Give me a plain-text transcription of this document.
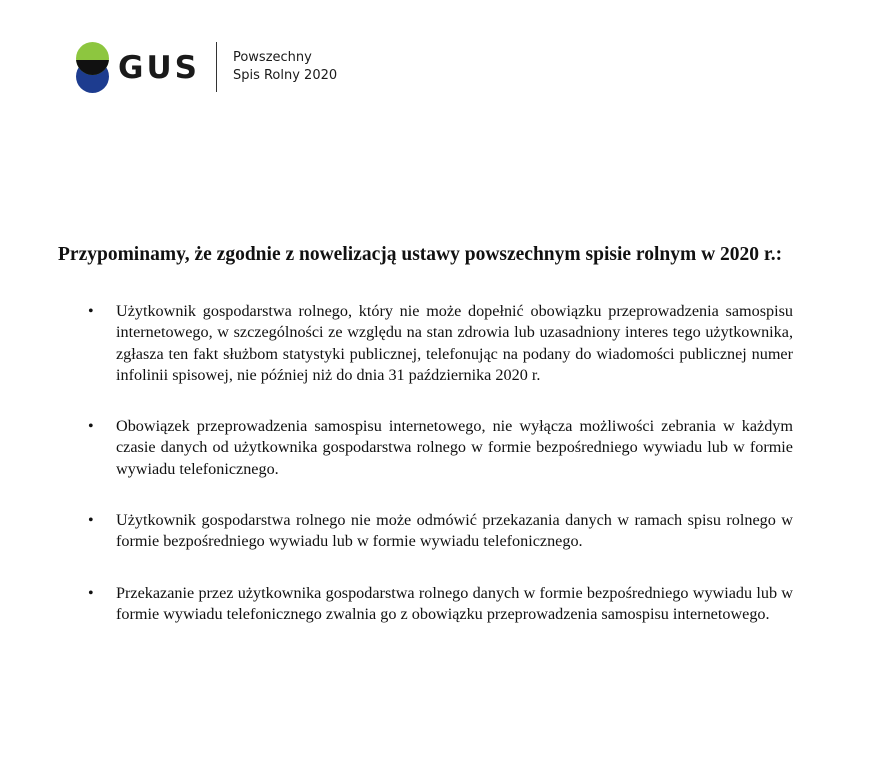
GUS	Powszechny
Spis Rolny 2020
Przypominamy, że zgodnie z nowelizacją ustawy powszechnym spisie rolnym w 2020 r.:
• Użytkownik gospodarstwa rolnego, który nie może dopełnić obowiązku przeprowadzenia samospisu internetowego, w szczególności ze względu na stan zdrowia lub uzasadniony interes tego użytkownika, zgłasza ten fakt służbom statystyki publicznej, telefonując na podany do wiadomości publicznej numer infolinii spisowej, nie później niż do dnia 31 października 2020 r.
• Obowiązek przeprowadzenia samospisu internetowego, nie wyłącza możliwości zebrania w każdym czasie danych od użytkownika gospodarstwa rolnego w formie bezpośredniego wywiadu lub w formie wywiadu telefonicznego.
• Użytkownik gospodarstwa rolnego nie może odmówić przekazania danych w ramach spisu rolnego w formie bezpośredniego wywiadu lub w formie wywiadu telefonicznego.
• Przekazanie przez użytkownika gospodarstwa rolnego danych w formie bezpośredniego wywiadu lub w formie wywiadu telefonicznego zwalnia go z obowiązku przeprowadzenia samospisu internetowego.
